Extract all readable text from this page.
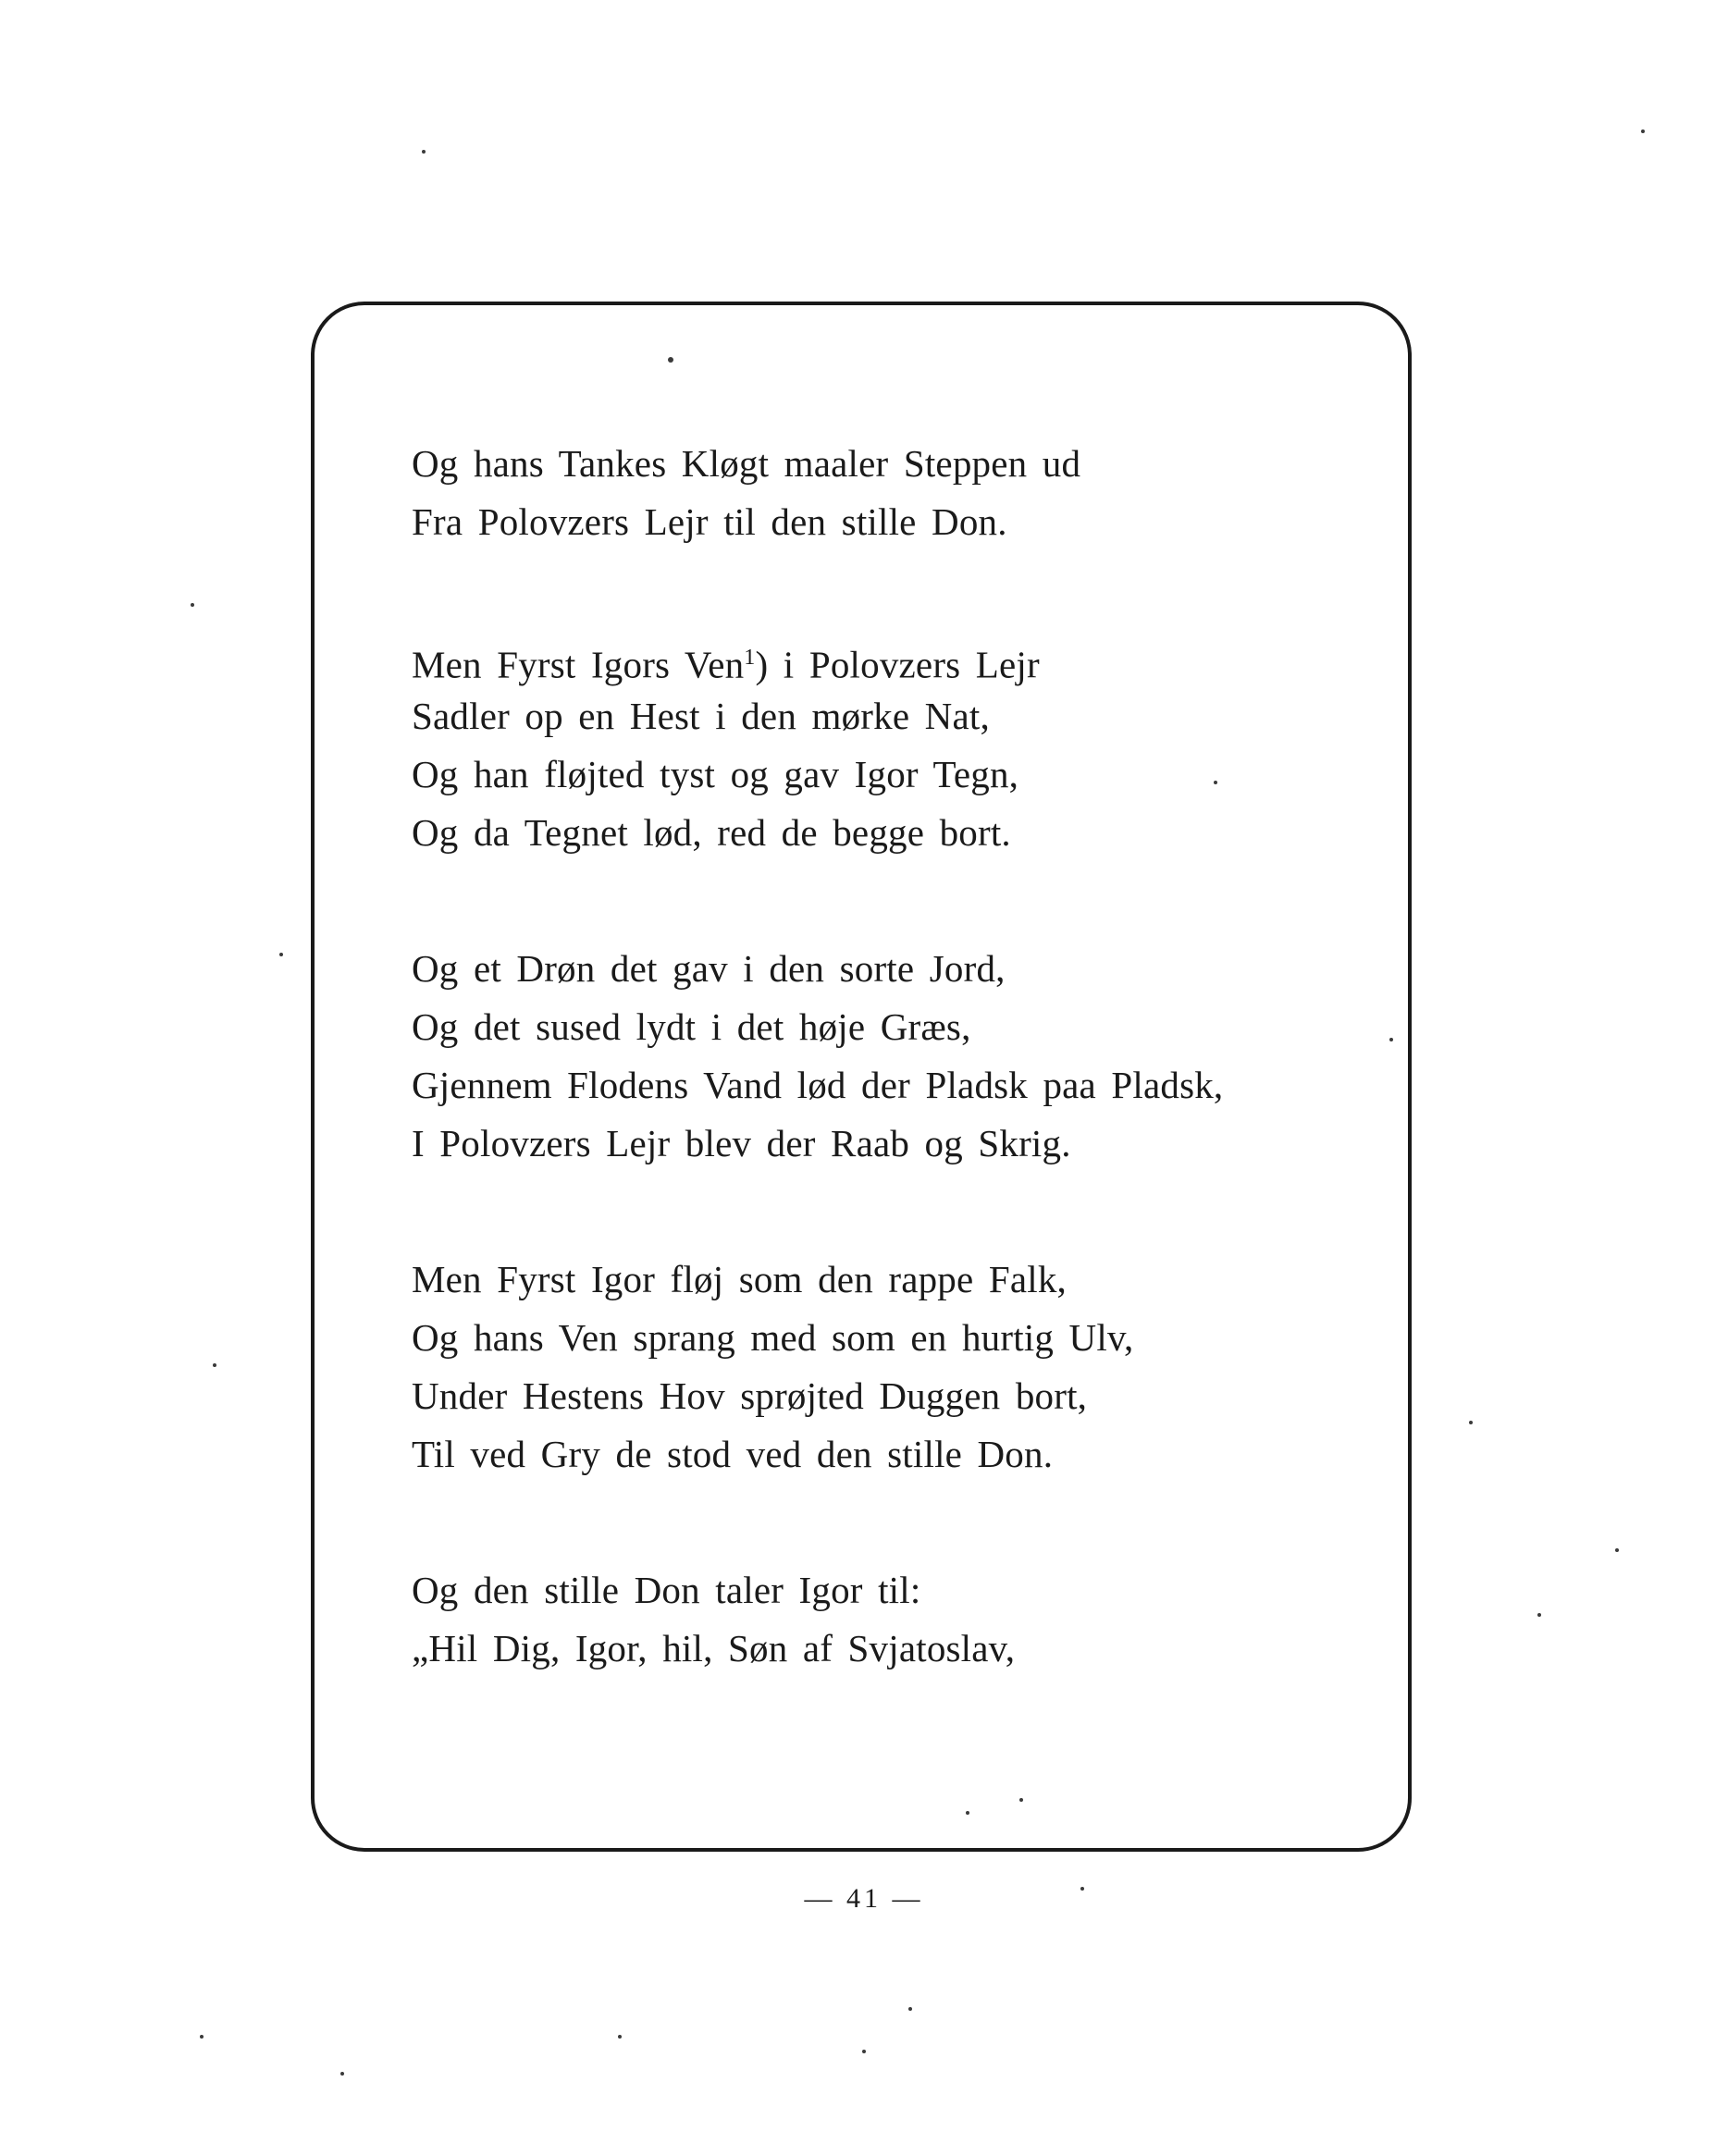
Og hans Tankes Kløgt maaler Steppen ud
Fra Polovzers Lejr til den stille Don.
Men Fyrst Igors Ven$^1$) i Polovzers Lejr
Sadler op en Hest i den mørke Nat,
Og han fløjted tyst og gav Igor Tegn,
Og da Tegnet lød, red de begge bort.
Og et Drøn det gav i den sorte Jord,
Og det sused lydt i det høje Græs,
Gjennem Flodens Vand lød der Pladsk paa Pladsk,
I Polovzers Lejr blev der Raab og Skrig.
Men Fyrst Igor fløj som den rappe Falk,
Og hans Ven sprang med som en hurtig Ulv,
Under Hestens Hov sprøjted Duggen bort,
Til ved Gry de stod ved den stille Don.
Og den stille Don taler Igor til:
„Hil Dig, Igor, hil, Søn af Svjatoslav,
— 41 —
